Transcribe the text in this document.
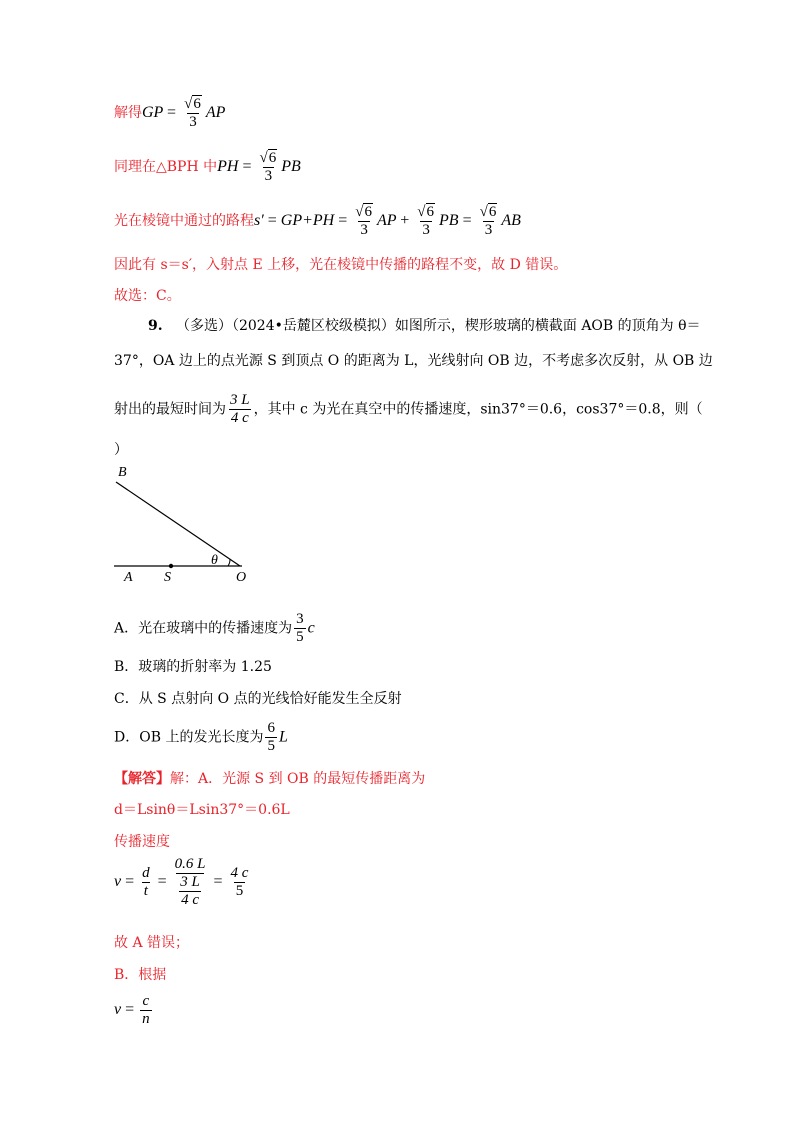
解得GP = $\frac{√6}{3}$ AP
同理在△BPH 中PH = $\frac{√6}{3}$ PB
光在棱镜中通过的路程$s' = GP+PH = \frac{√6}{3}$ AP + $\frac{√6}{3}$ PB = $\frac{√6}{3}$ AB
因此有 s＝s′，入射点 E 上移，光在棱镜中传播的路程不变，故 D 错误。
故选：C。
9. （多选）（2024•岳麓区校级模拟）如图所示，楔形玻璃的横截面 AOB 的顶角为 θ＝
37°，OA 边上的点光源 S 到顶点 O 的距离为 L，光线射向 OB 边，不考虑多次反射，从 OB 边
射出的最短时间为 $\frac{3 L}{4 c}$ ，其中 c 为光在真空中的传播速度，sin37°＝0.6，cos37°＝0.8，则（
）
B
A S	O
θ
A．光在玻璃中的传播速度为 $\frac{3}{5}$ c
B．玻璃的折射率为 1.25
C．从 S 点射向 O 点的光线恰好能发生全反射
D．OB 上的发光长度为 $\frac{6}{5}$ L
【解答】解：A．光源 S 到 OB 的最短传播距离为
d＝Lsinθ＝Lsin37°＝0.6L
传播速度
$v = \frac{d}{t} = \frac{0.6 L}{\frac{3 L}{4 c}} = \frac{4 c}{5}$
故 A 错误；
B．根据
$v = \frac{c}{n}$
